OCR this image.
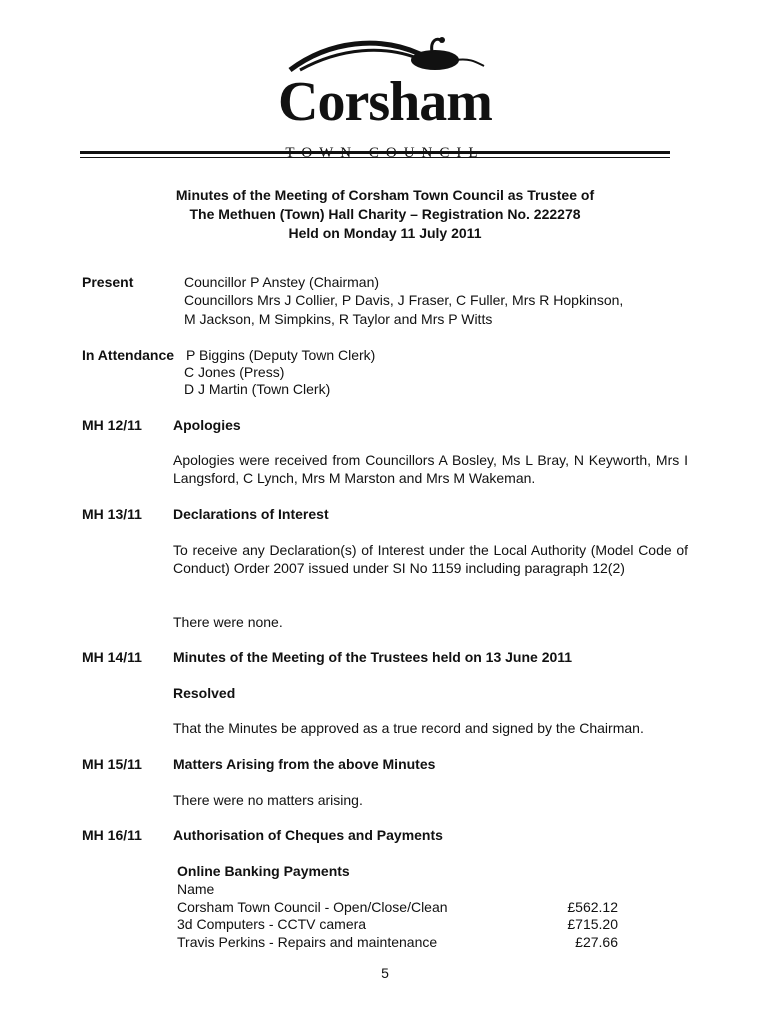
Corsham
Minutes of the Meeting of Corsham Town Council as Trustee of
The Methuen (Town) Hall Charity – Registration No. 222278
Held on Monday 11 July 2011
Present	Councillor P Anstey (Chairman)
Councillors Mrs J Collier, P Davis, J Fraser, C Fuller, Mrs R Hopkinson,
M Jackson, M Simpkins, R Taylor and Mrs P Witts
In Attendance P Biggins (Deputy Town Clerk)
C Jones (Press)
D J Martin (Town Clerk)
MH 12/11 Apologies
Apologies were received from Councillors A Bosley, Ms L Bray, N Keyworth, Mrs I Langsford, C Lynch, Mrs M Marston and Mrs M Wakeman.
MH 13/11 Declarations of Interest
To receive any Declaration(s) of Interest under the Local Authority (Model Code of Conduct) Order 2007 issued under SI No 1159 including paragraph 12(2)
There were none.
MH 14/11 Minutes of the Meeting of the Trustees held on 13 June 2011
Resolved
That the Minutes be approved as a true record and signed by the Chairman.
MH 15/11 Matters Arising from the above Minutes
There were no matters arising.
MH 16/11 Authorisation of Cheques and Payments
Online Banking Payments
Name
Corsham Town Council - Open/Close/Clean	£562.12
3d Computers - CCTV camera	£715.20
Travis Perkins - Repairs and maintenance	£27.66
5
